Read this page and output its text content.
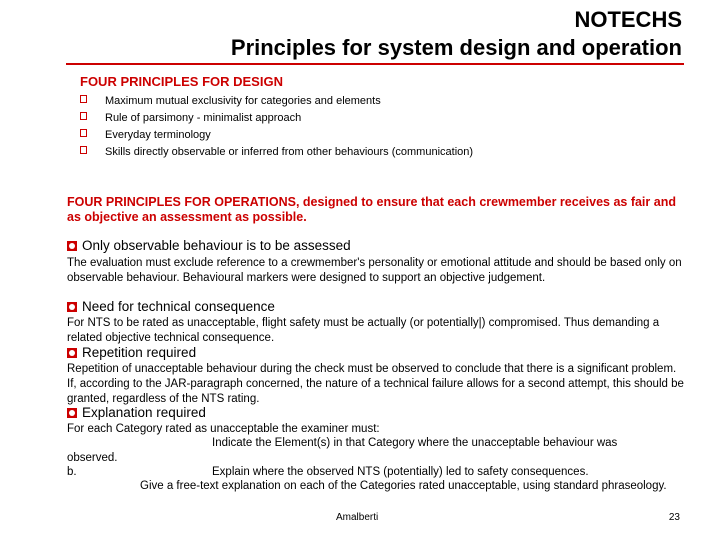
NOTECHS
Principles for system design and operation
FOUR PRINCIPLES FOR DESIGN
Maximum mutual exclusivity for categories and elements
Rule of parsimony - minimalist approach
Everyday terminology
Skills directly observable or inferred from other behaviours (communication)
FOUR PRINCIPLES FOR OPERATIONS, designed to ensure that each crewmember receives as fair and as objective an assessment as possible.
Only observable behaviour is to be assessed
The evaluation must exclude reference to a crewmember's personality or emotional attitude and should be based only on observable behaviour. Behavioural markers were designed to support an objective judgement.
Need for technical consequence
For NTS to be rated as unacceptable, flight safety must be actually (or potentially|) compromised. Thus demanding a related objective technical consequence.
Repetition required
Repetition of unacceptable behaviour during the check must be observed to conclude that there is a significant problem. If, according to the JAR-paragraph concerned, the nature of a technical failure allows for a second attempt, this should be granted, regardless of the NTS rating.
Explanation required
For each Category rated as unacceptable the examiner must:
Indicate the Element(s) in that Category where the unacceptable behaviour was
observed.
b.	Explain where the observed NTS (potentially) led to safety consequences.
Give a free-text explanation on each of the Categories rated unacceptable, using standard phraseology.
Amalberti	23
